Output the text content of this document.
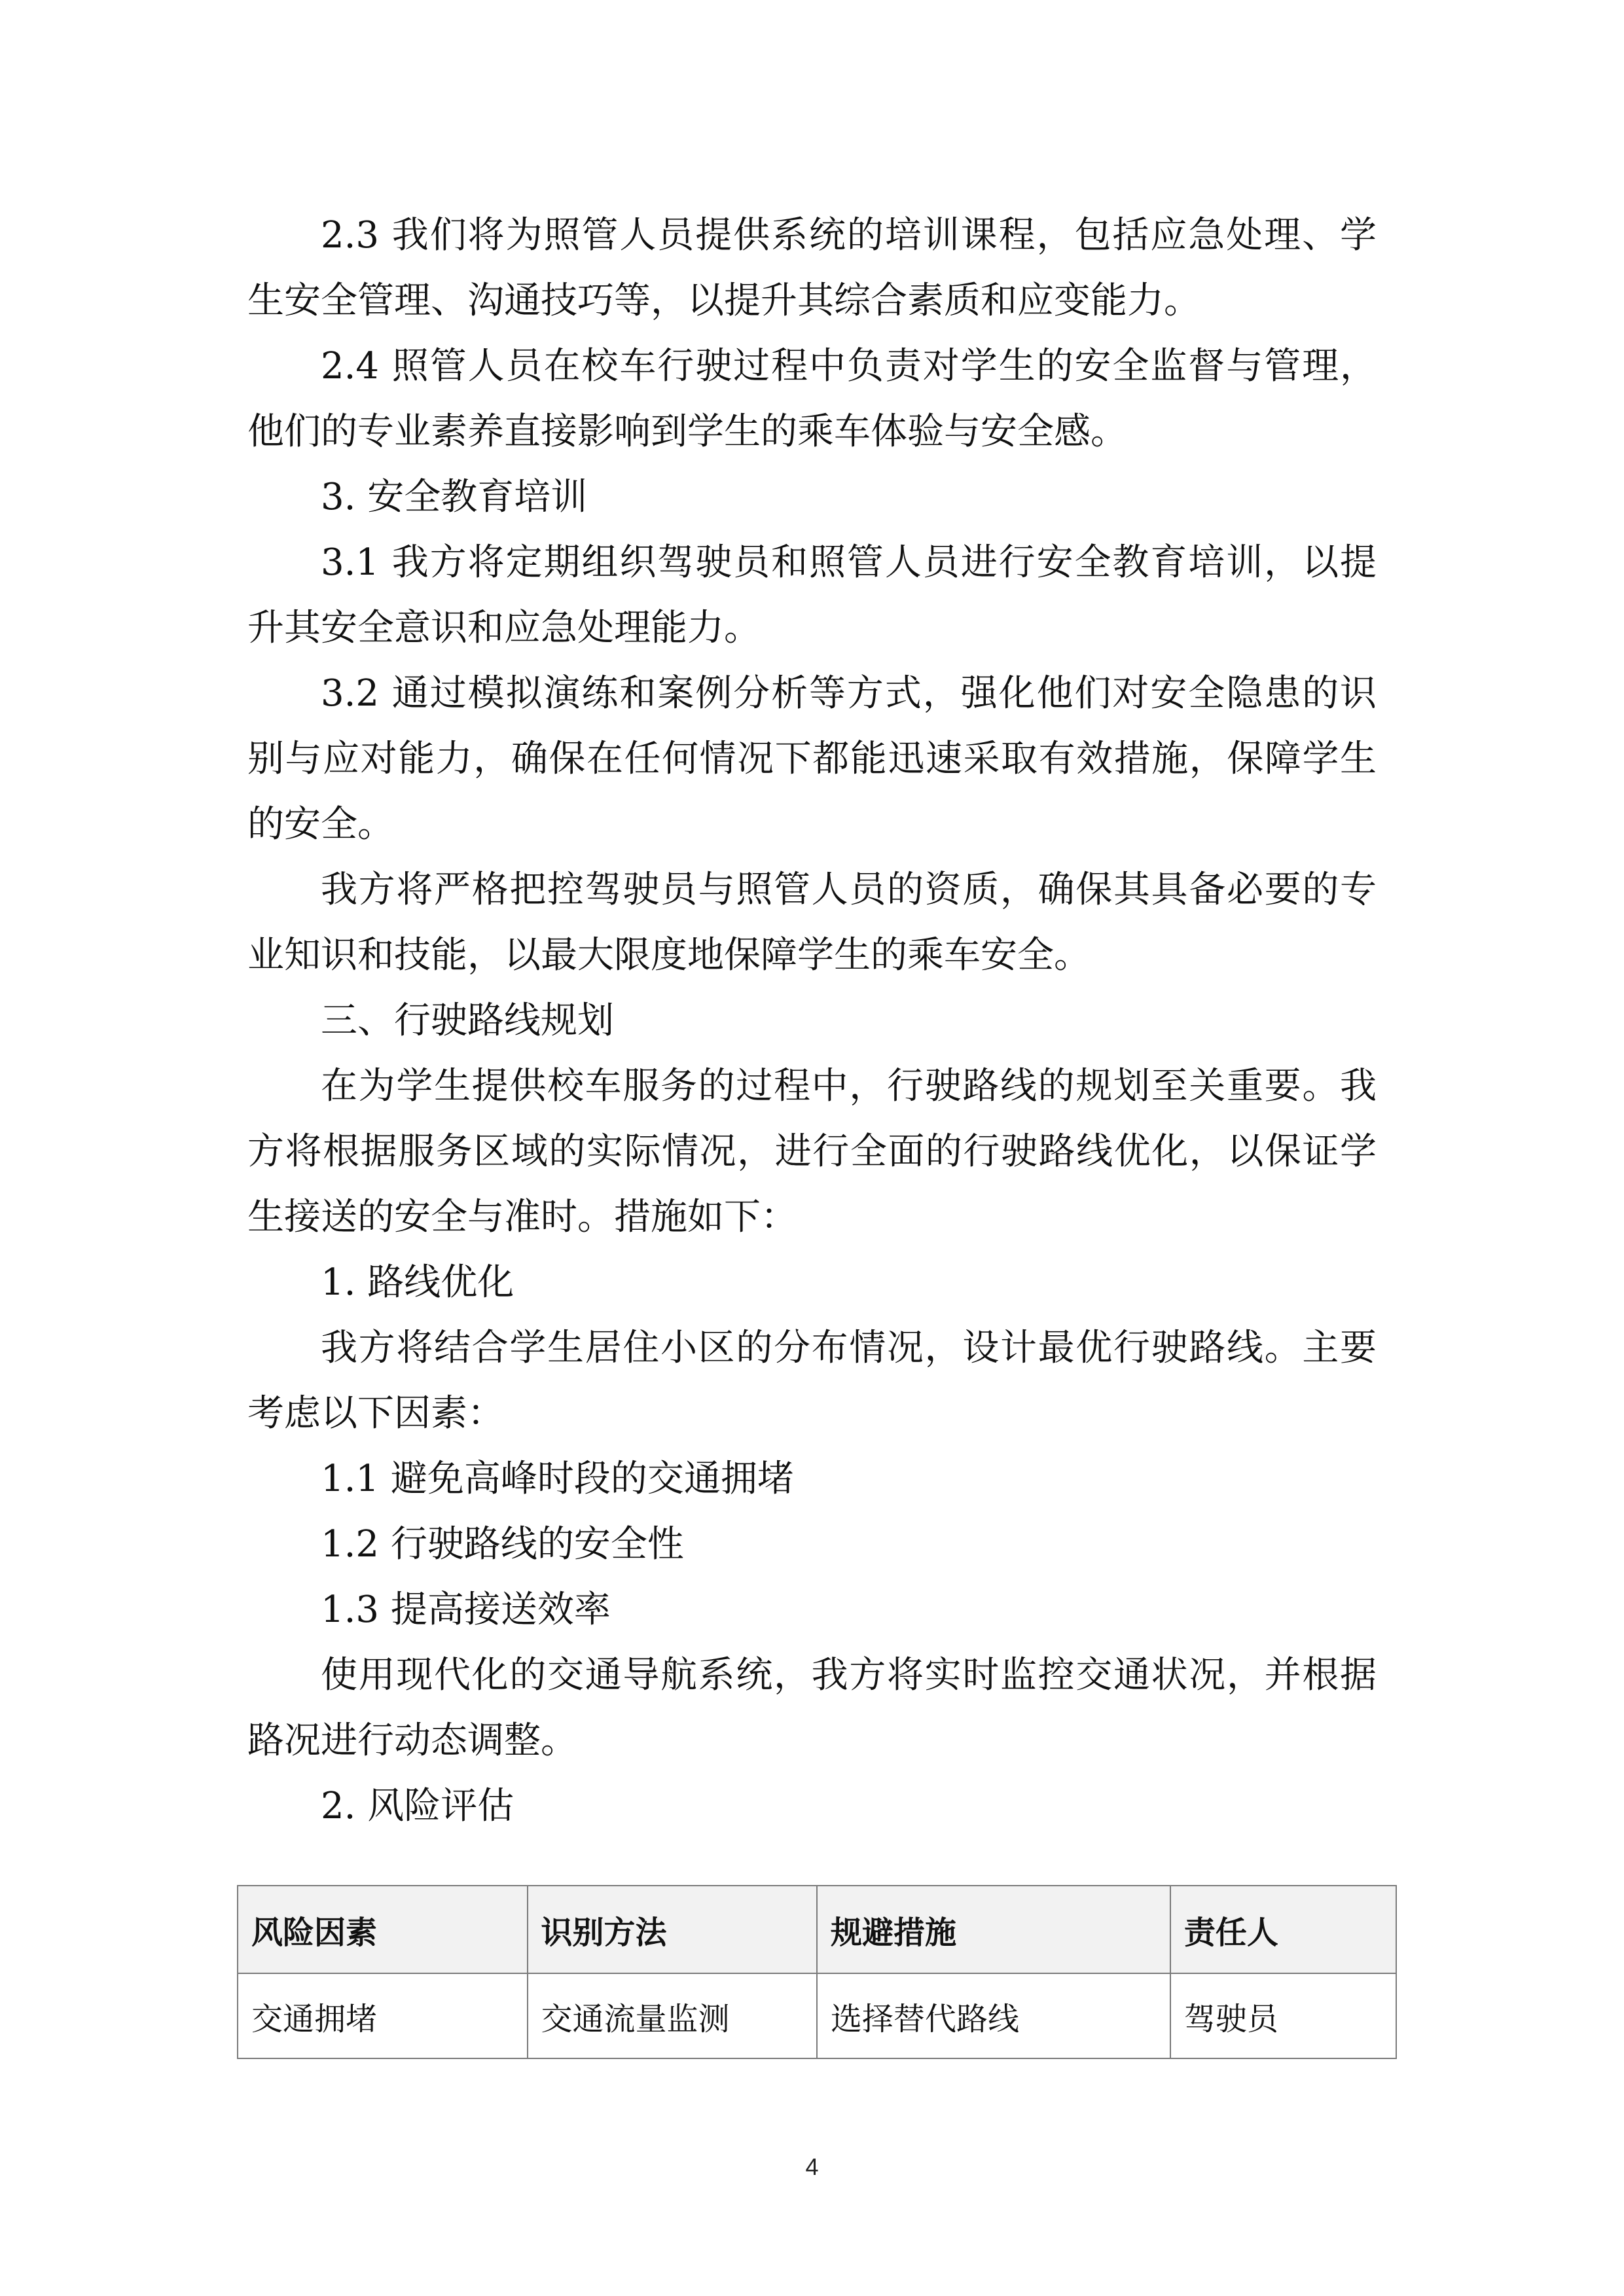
2.3 我们将为照管人员提供系统的培训课程，包括应急处理、学生安全管理、沟通技巧等，以提升其综合素质和应变能力。

2.4 照管人员在校车行驶过程中负责对学生的安全监督与管理，他们的专业素养直接影响到学生的乘车体验与安全感。

3. 安全教育培训

3.1 我方将定期组织驾驶员和照管人员进行安全教育培训，以提升其安全意识和应急处理能力。

3.2 通过模拟演练和案例分析等方式，强化他们对安全隐患的识别与应对能力，确保在任何情况下都能迅速采取有效措施，保障学生的安全。

我方将严格把控驾驶员与照管人员的资质，确保其具备必要的专业知识和技能，以最大限度地保障学生的乘车安全。

三、行驶路线规划

在为学生提供校车服务的过程中，行驶路线的规划至关重要。我方将根据服务区域的实际情况，进行全面的行驶路线优化，以保证学生接送的安全与准时。措施如下：

1. 路线优化

我方将结合学生居住小区的分布情况，设计最优行驶路线。主要考虑以下因素：

1.1 避免高峰时段的交通拥堵

1.2 行驶路线的安全性

1.3 提高接送效率

使用现代化的交通导航系统，我方将实时监控交通状况，并根据路况进行动态调整。

2. 风险评估

风险因素	识别方法	规避措施	责任人
交通拥堵	交通流量监测	选择替代路线	驾驶员
4
